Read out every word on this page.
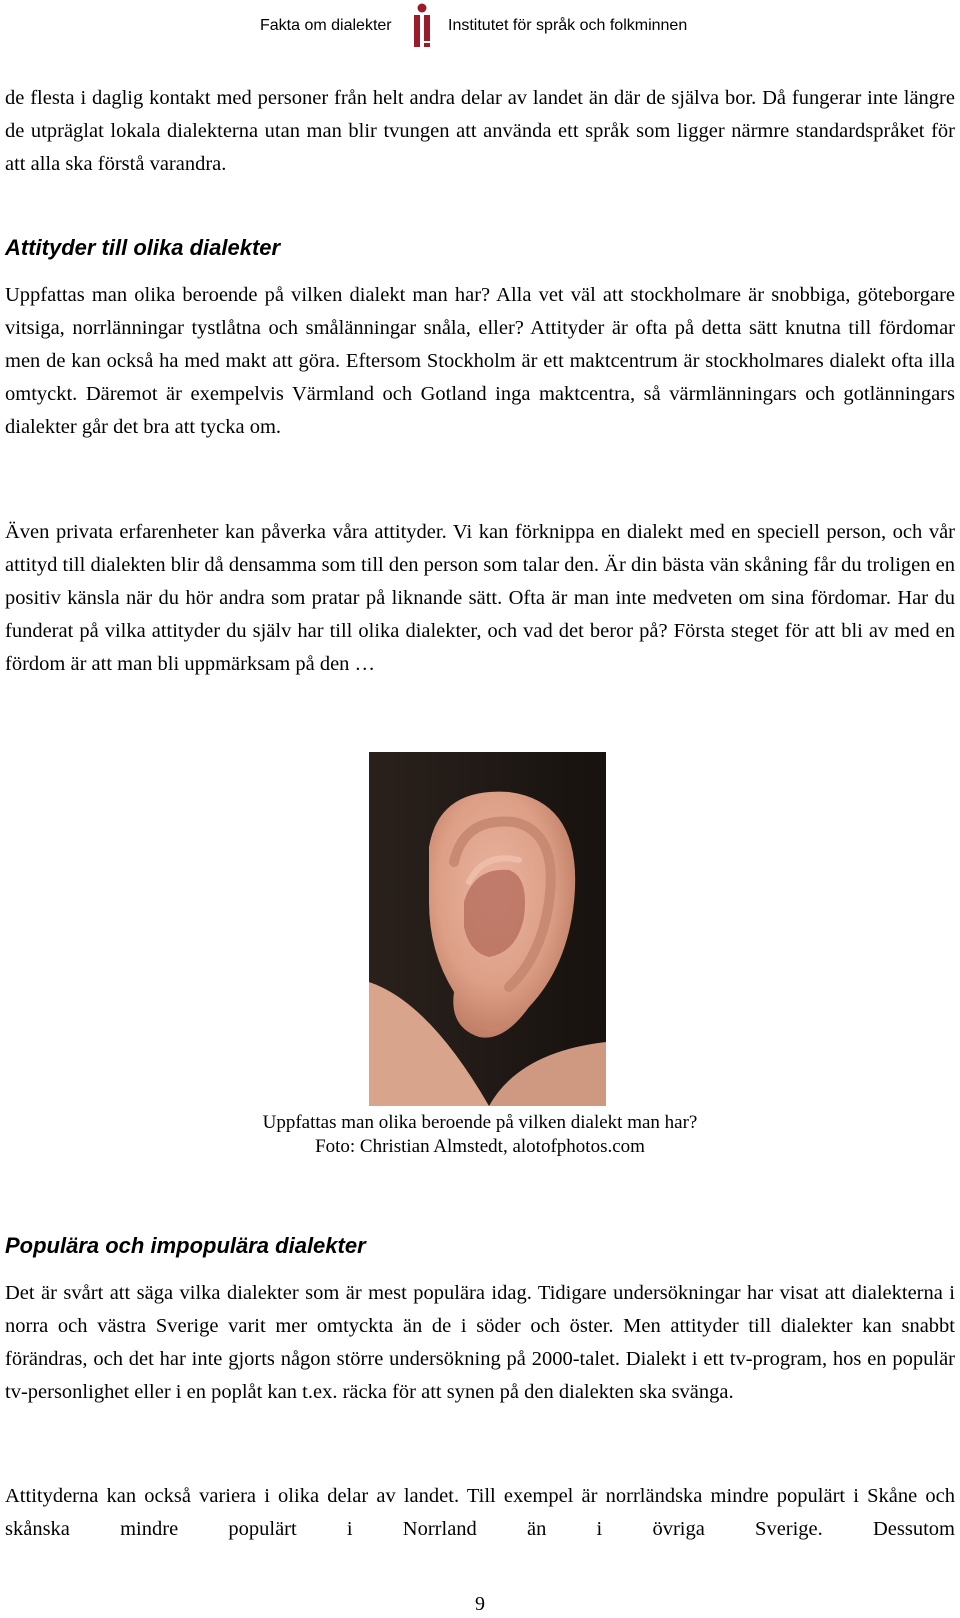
Fakta om dialekter	Institutet för språk och folkminnen

de flesta i daglig kontakt med personer från helt andra delar av landet än där de själva bor. Då fungerar inte längre de utpräglat lokala dialekterna utan man blir tvungen att använda ett språk som ligger närmre standardspråket för att alla ska förstå varandra.

Attityder till olika dialekter

Uppfattas man olika beroende på vilken dialekt man har? Alla vet väl att stockholmare är snobbiga, göteborgare vitsiga, norrlänningar tystlåtna och smålänningar snåla, eller? Attityder är ofta på detta sätt knutna till fördomar men de kan också ha med makt att göra. Eftersom Stockholm är ett maktcentrum är stockholmares dialekt ofta illa omtyckt. Däremot är exempelvis Värmland och Gotland inga maktcentra, så värmlänningars och gotlänningars dialekter går det bra att tycka om.

Även privata erfarenheter kan påverka våra attityder. Vi kan förknippa en dialekt med en speciell person, och vår attityd till dialekten blir då densamma som till den person som talar den. Är din bästa vän skåning får du troligen en positiv känsla när du hör andra som pratar på liknande sätt. Ofta är man inte medveten om sina fördomar. Har du funderat på vilka attityder du själv har till olika dialekter, och vad det beror på? Första steget för att bli av med en fördom är att man bli uppmärksam på den …

Uppfattas man olika beroende på vilken dialekt man har?
Foto: Christian Almstedt, alotofphotos.com
Populära och impopulära dialekter

Det är svårt att säga vilka dialekter som är mest populära idag. Tidigare undersökningar har visat att dialekterna i norra och västra Sverige varit mer omtyckta än de i söder och öster. Men attityder till dialekter kan snabbt förändras, och det har inte gjorts någon större undersökning på 2000-talet. Dialekt i ett tv-program, hos en populär tv-personlighet eller i en poplåt kan t.ex. räcka för att synen på den dialekten ska svänga.

Attityderna kan också variera i olika delar av landet. Till exempel är norrländska mindre populärt i Skåne och skånska mindre populärt i Norrland än i övriga Sverige. Dessutom

9
